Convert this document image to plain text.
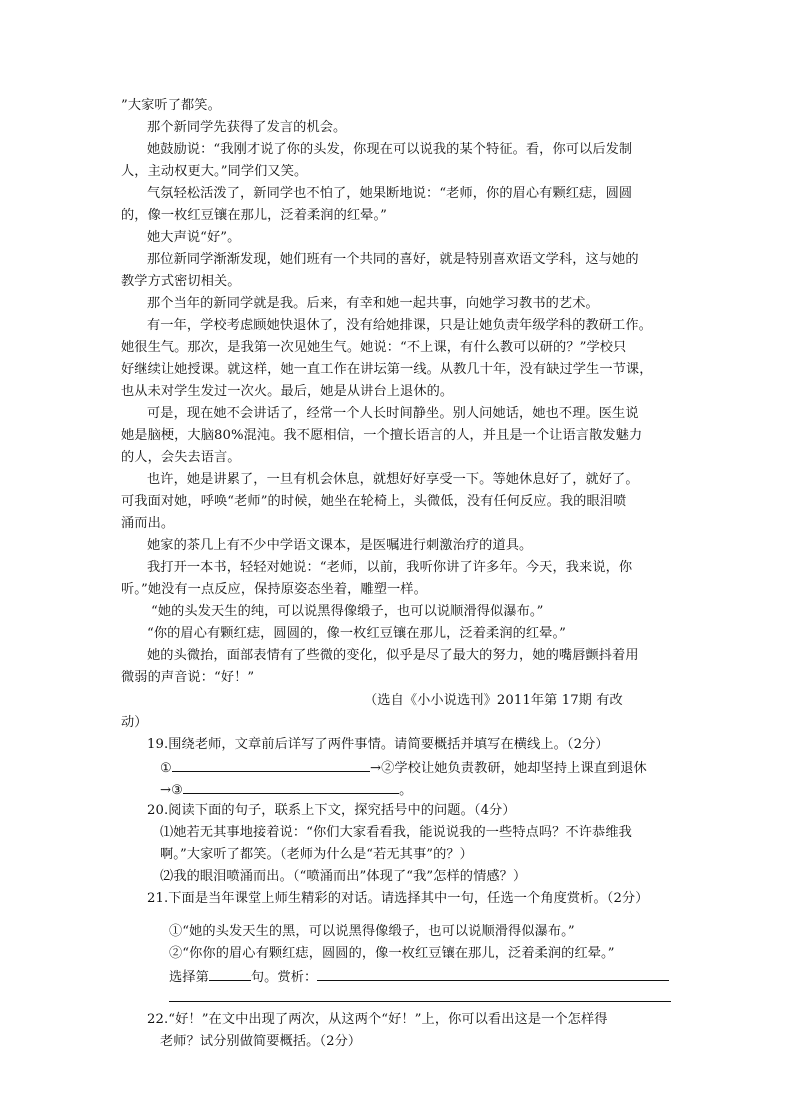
”大家听了都笑。
那个新同学先获得了发言的机会。
她鼓励说：“我刚才说了你的头发，你现在可以说我的某个特征。看，你可以后发制
人，主动权更大。”同学们又笑。
气氛轻松活泼了，新同学也不怕了，她果断地说：“老师，你的眉心有颗红痣，圆圆
的，像一枚红豆镶在那儿，泛着柔润的红晕。”
她大声说“好”。
那位新同学渐渐发现，她们班有一个共同的喜好，就是特别喜欢语文学科，这与她的
教学方式密切相关。
那个当年的新同学就是我。后来，有幸和她一起共事，向她学习教书的艺术。
有一年，学校考虑顾她快退休了，没有给她排课，只是让她负责年级学科的教研工作。
她很生气。那次，是我第一次见她生气。她说：“不上课，有什么教可以研的？”学校只
好继续让她授课。就这样，她一直工作在讲坛第一线。从教几十年，没有缺过学生一节课，
也从未对学生发过一次火。最后，她是从讲台上退休的。
可是，现在她不会讲话了，经常一个人长时间静坐。别人问她话，她也不理。医生说
她是脑梗，大脑80%混沌。我不愿相信，一个擅长语言的人，并且是一个让语言散发魅力
的人，会失去语言。
也许，她是讲累了，一旦有机会休息，就想好好享受一下。等她休息好了，就好了。
可我面对她，呼唤“老师”的时候，她坐在轮椅上，头微低，没有任何反应。我的眼泪喷
涌而出。
她家的茶几上有不少中学语文课本，是医嘱进行刺激治疗的道具。
我打开一本书，轻轻对她说：“老师，以前，我听你讲了许多年。今天，我来说，你
听。”她没有一点反应，保持原姿态坐着，雕塑一样。
“她的头发天生的纯，可以说黑得像缎子，也可以说顺滑得似瀑布。”
“你的眉心有颗红痣，圆圆的，像一枚红豆镶在那儿，泛着柔润的红晕。”
她的头微抬，面部表情有了些微的变化，似乎是尽了最大的努力，她的嘴唇颤抖着用
微弱的声音说：“好！”
（选自《小小说选刊》2011年第 17期 有改
动）
19.围绕老师，文章前后详写了两件事情。请简要概括并填写在横线上。（2分）
①	→②学校让她负责教研，她却坚持上课直到退休
→③	。
20.阅读下面的句子，联系上下文，探究括号中的问题。（4分）
⑴她若无其事地接着说：“你们大家看看我，能说说我的一些特点吗？不许恭维我
啊。”大家听了都笑。（老师为什么是“若无其事”的？）
⑵我的眼泪喷涌而出。（“喷涌而出”体现了“我”怎样的情感？）
21.下面是当年课堂上师生精彩的对话。请选择其中一句，任选一个角度赏析。（2分）
①“她的头发天生的黑，可以说黑得像缎子，也可以说顺滑得似瀑布。”
②“你你的眉心有颗红痣，圆圆的，像一枚红豆镶在那儿，泛着柔润的红晕。”
选择第	句。赏析：
22.“好！”在文中出现了两次，从这两个“好！”上，你可以看出这是一个怎样得
老师？试分别做简要概括。（2分）
